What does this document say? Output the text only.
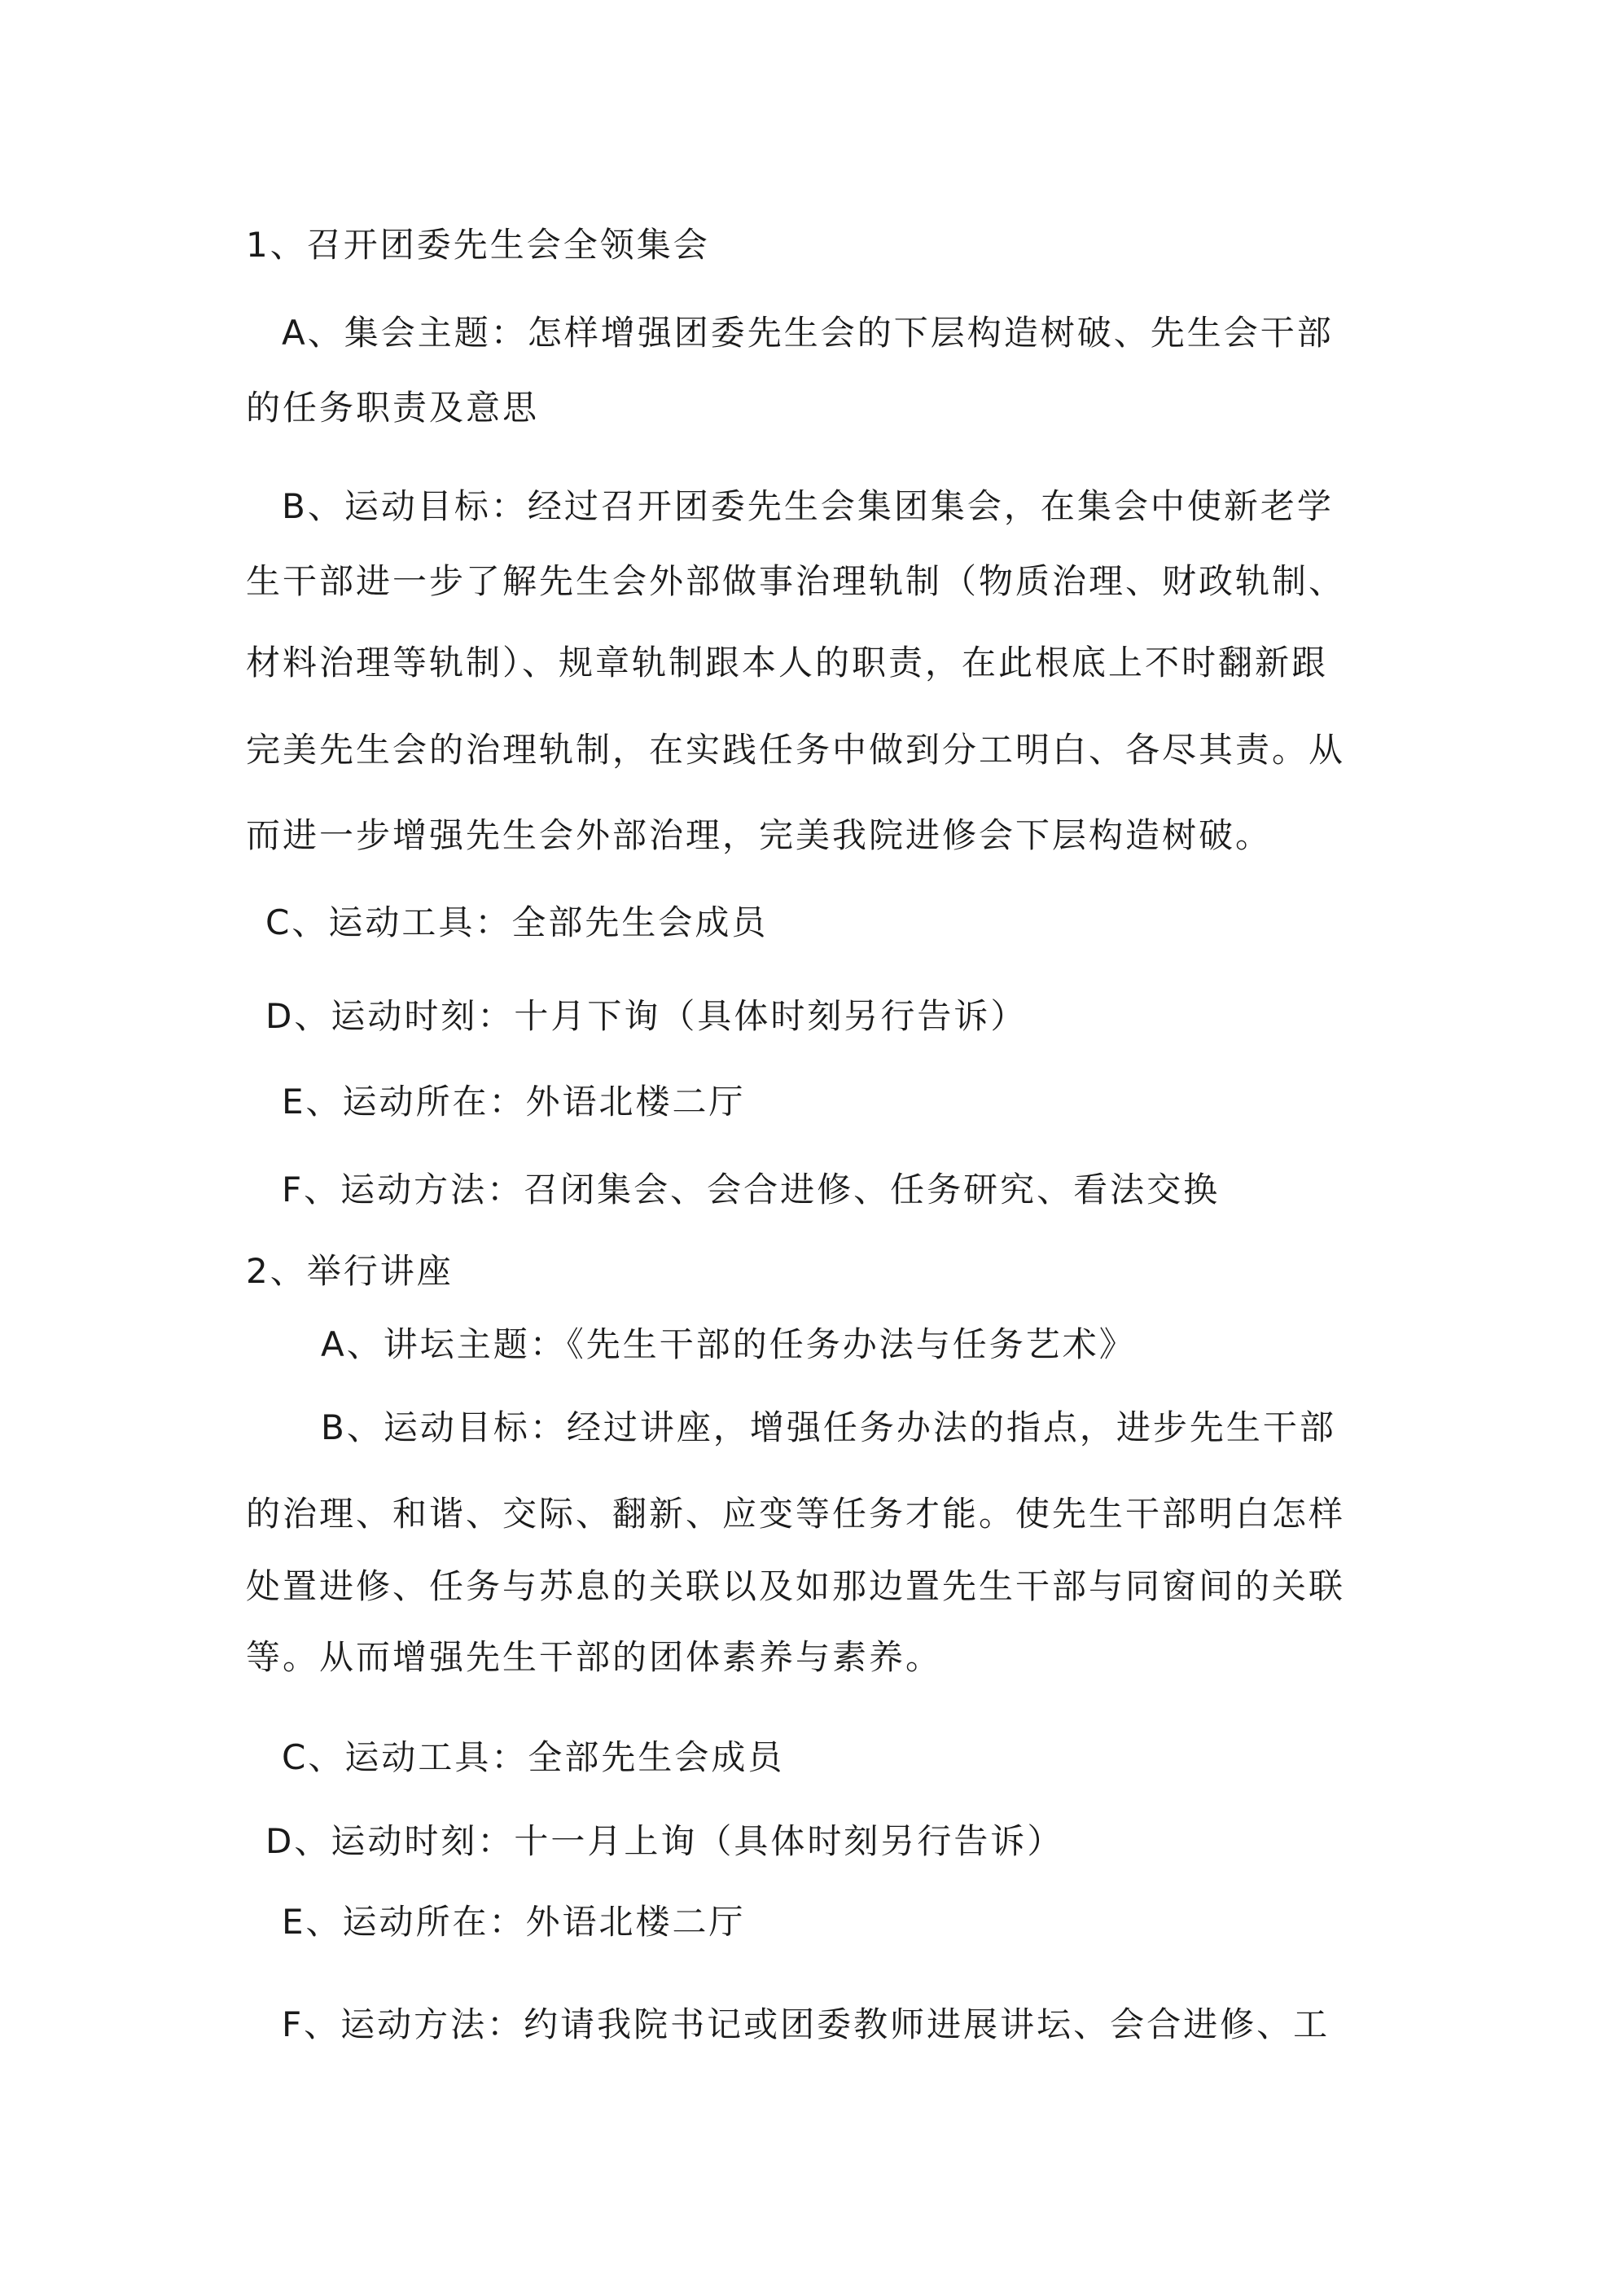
1、召开团委先生会全领集会

A、集会主题：怎样增强团委先生会的下层构造树破、先生会干部

的任务职责及意思

B、运动目标：经过召开团委先生会集团集会，在集会中使新老学

生干部进一步了解先生会外部做事治理轨制（物质治理、财政轨制、

材料治理等轨制）、规章轨制跟本人的职责，在此根底上不时翻新跟

完美先生会的治理轨制，在实践任务中做到分工明白、各尽其责。从

而进一步增强先生会外部治理，完美我院进修会下层构造树破。

C、运动工具：全部先生会成员

D、运动时刻：十月下询（具体时刻另行告诉）

E、运动所在：外语北楼二厅

F、运动方法：召闭集会、会合进修、任务研究、看法交换

2、举行讲座

A、讲坛主题：《先生干部的任务办法与任务艺术》

B、运动目标：经过讲座，增强任务办法的指点，进步先生干部

的治理、和谐、交际、翻新、应变等任务才能。使先生干部明白怎样

处置进修、任务与苏息的关联以及如那边置先生干部与同窗间的关联

等。从而增强先生干部的团体素养与素养。

C、运动工具：全部先生会成员

D、运动时刻：十一月上询（具体时刻另行告诉）

E、运动所在：外语北楼二厅

F、运动方法：约请我院书记或团委教师进展讲坛、会合进修、工
